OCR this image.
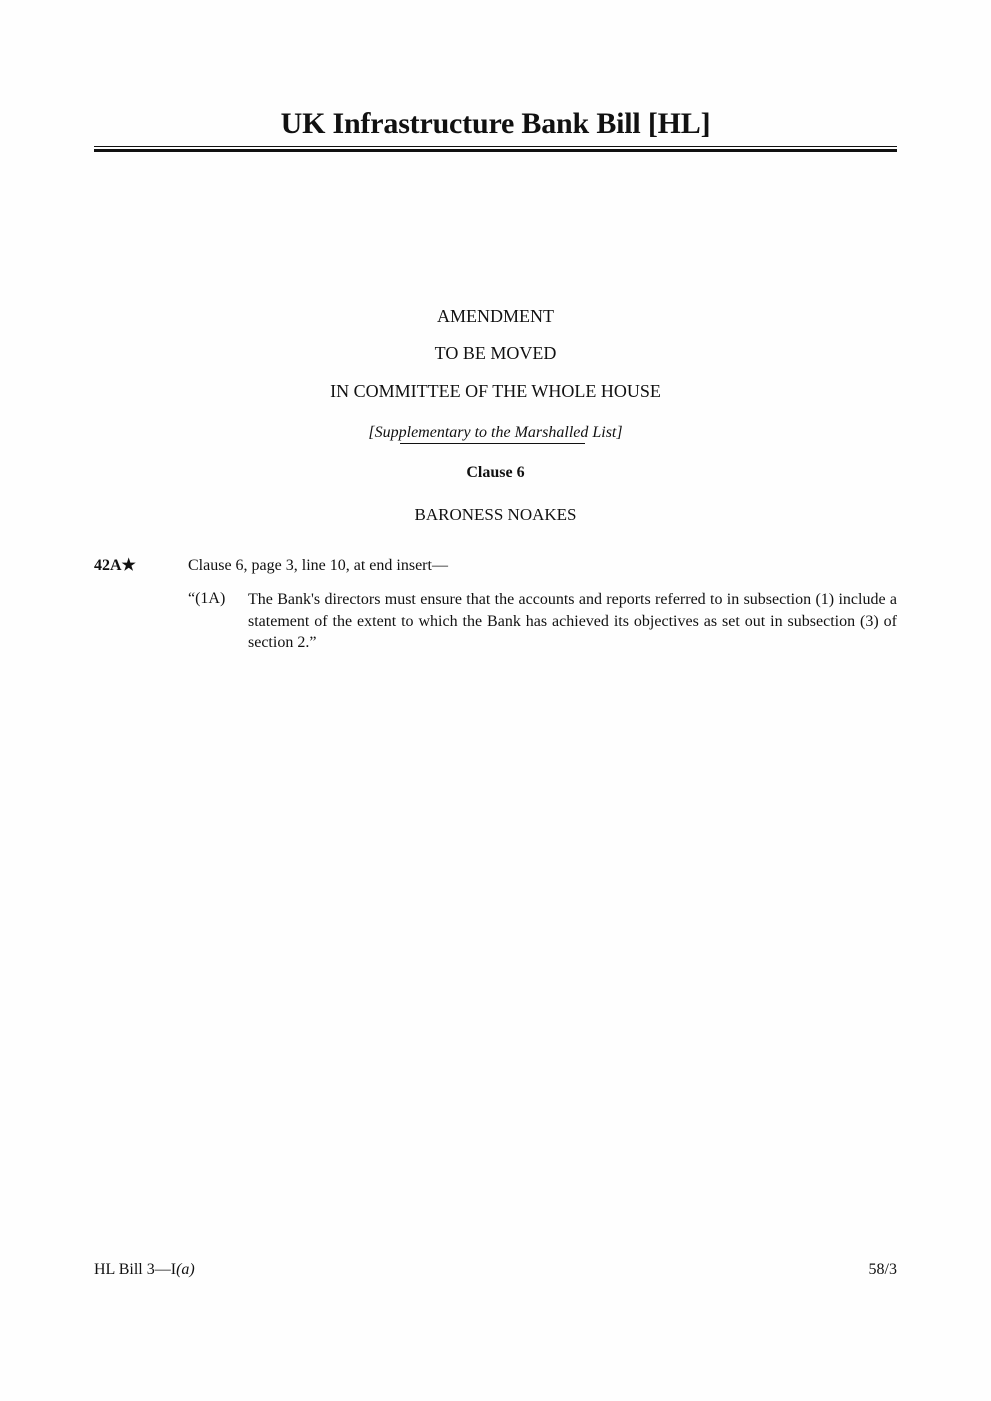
UK Infrastructure Bank Bill [HL]
AMENDMENT
TO BE MOVED
IN COMMITTEE OF THE WHOLE HOUSE
[Supplementary to the Marshalled List]
Clause 6
BARONESS NOAKES
42A★	Clause 6, page 3, line 10, at end insert—
“(1A) The Bank's directors must ensure that the accounts and reports referred to in subsection (1) include a statement of the extent to which the Bank has achieved its objectives as set out in subsection (3) of section 2.”
HL Bill 3—I(a)	58/3
